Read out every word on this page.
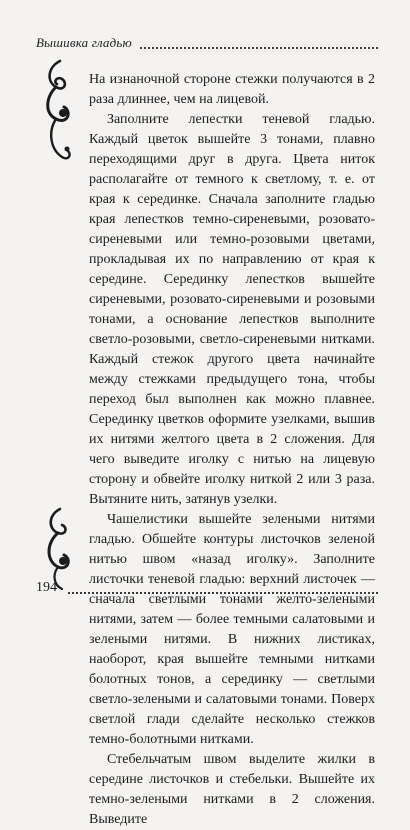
Вышивка гладью

На изнаночной стороне стежки получаются в 2 раза длиннее, чем на лицевой.

Заполните лепестки теневой гладью. Каждый цветок вышейте 3 тонами, плавно переходящими друг в друга. Цвета ниток располагайте от темного к светлому, т. е. от края к серединке. Сначала заполните гладью края лепестков темно-сиреневыми, розовато-сиреневыми или темно-розовыми цветами, прокладывая их по направлению от края к середине. Серединку лепестков вышейте сиреневыми, розовато-сиреневыми и розовыми тонами, а основание лепестков выполните светло-розовыми, светло-сиреневыми нитками. Каждый стежок другого цвета начинайте между стежками предыдущего тона, чтобы переход был выполнен как можно плавнее. Серединку цветков оформите узелками, вышив их нитями желтого цвета в 2 сложения. Для чего выведите иголку с нитью на лицевую сторону и обвейте иголку ниткой 2 или 3 раза. Вытяните нить, затянув узелки.

Чашелистики вышейте зелеными нитями гладью. Обшейте контуры листочков зеленой нитью швом «назад иголку». Заполните листочки теневой гладью: верхний листочек — сначала светлыми тонами желто-зелеными нитями, затем — более темными салатовыми и зелеными нитями. В нижних листиках, наоборот, края вышейте темными нитками болотных тонов, а серединку — светлыми светло-зелеными и салатовыми тонами. Поверх светлой глади сделайте несколько стежков темно-болотными нитками.

Стебельчатым швом выделите жилки в середине листочков и стебельки. Вышейте их темно-зелеными нитками в 2 сложения. Выведите

194
